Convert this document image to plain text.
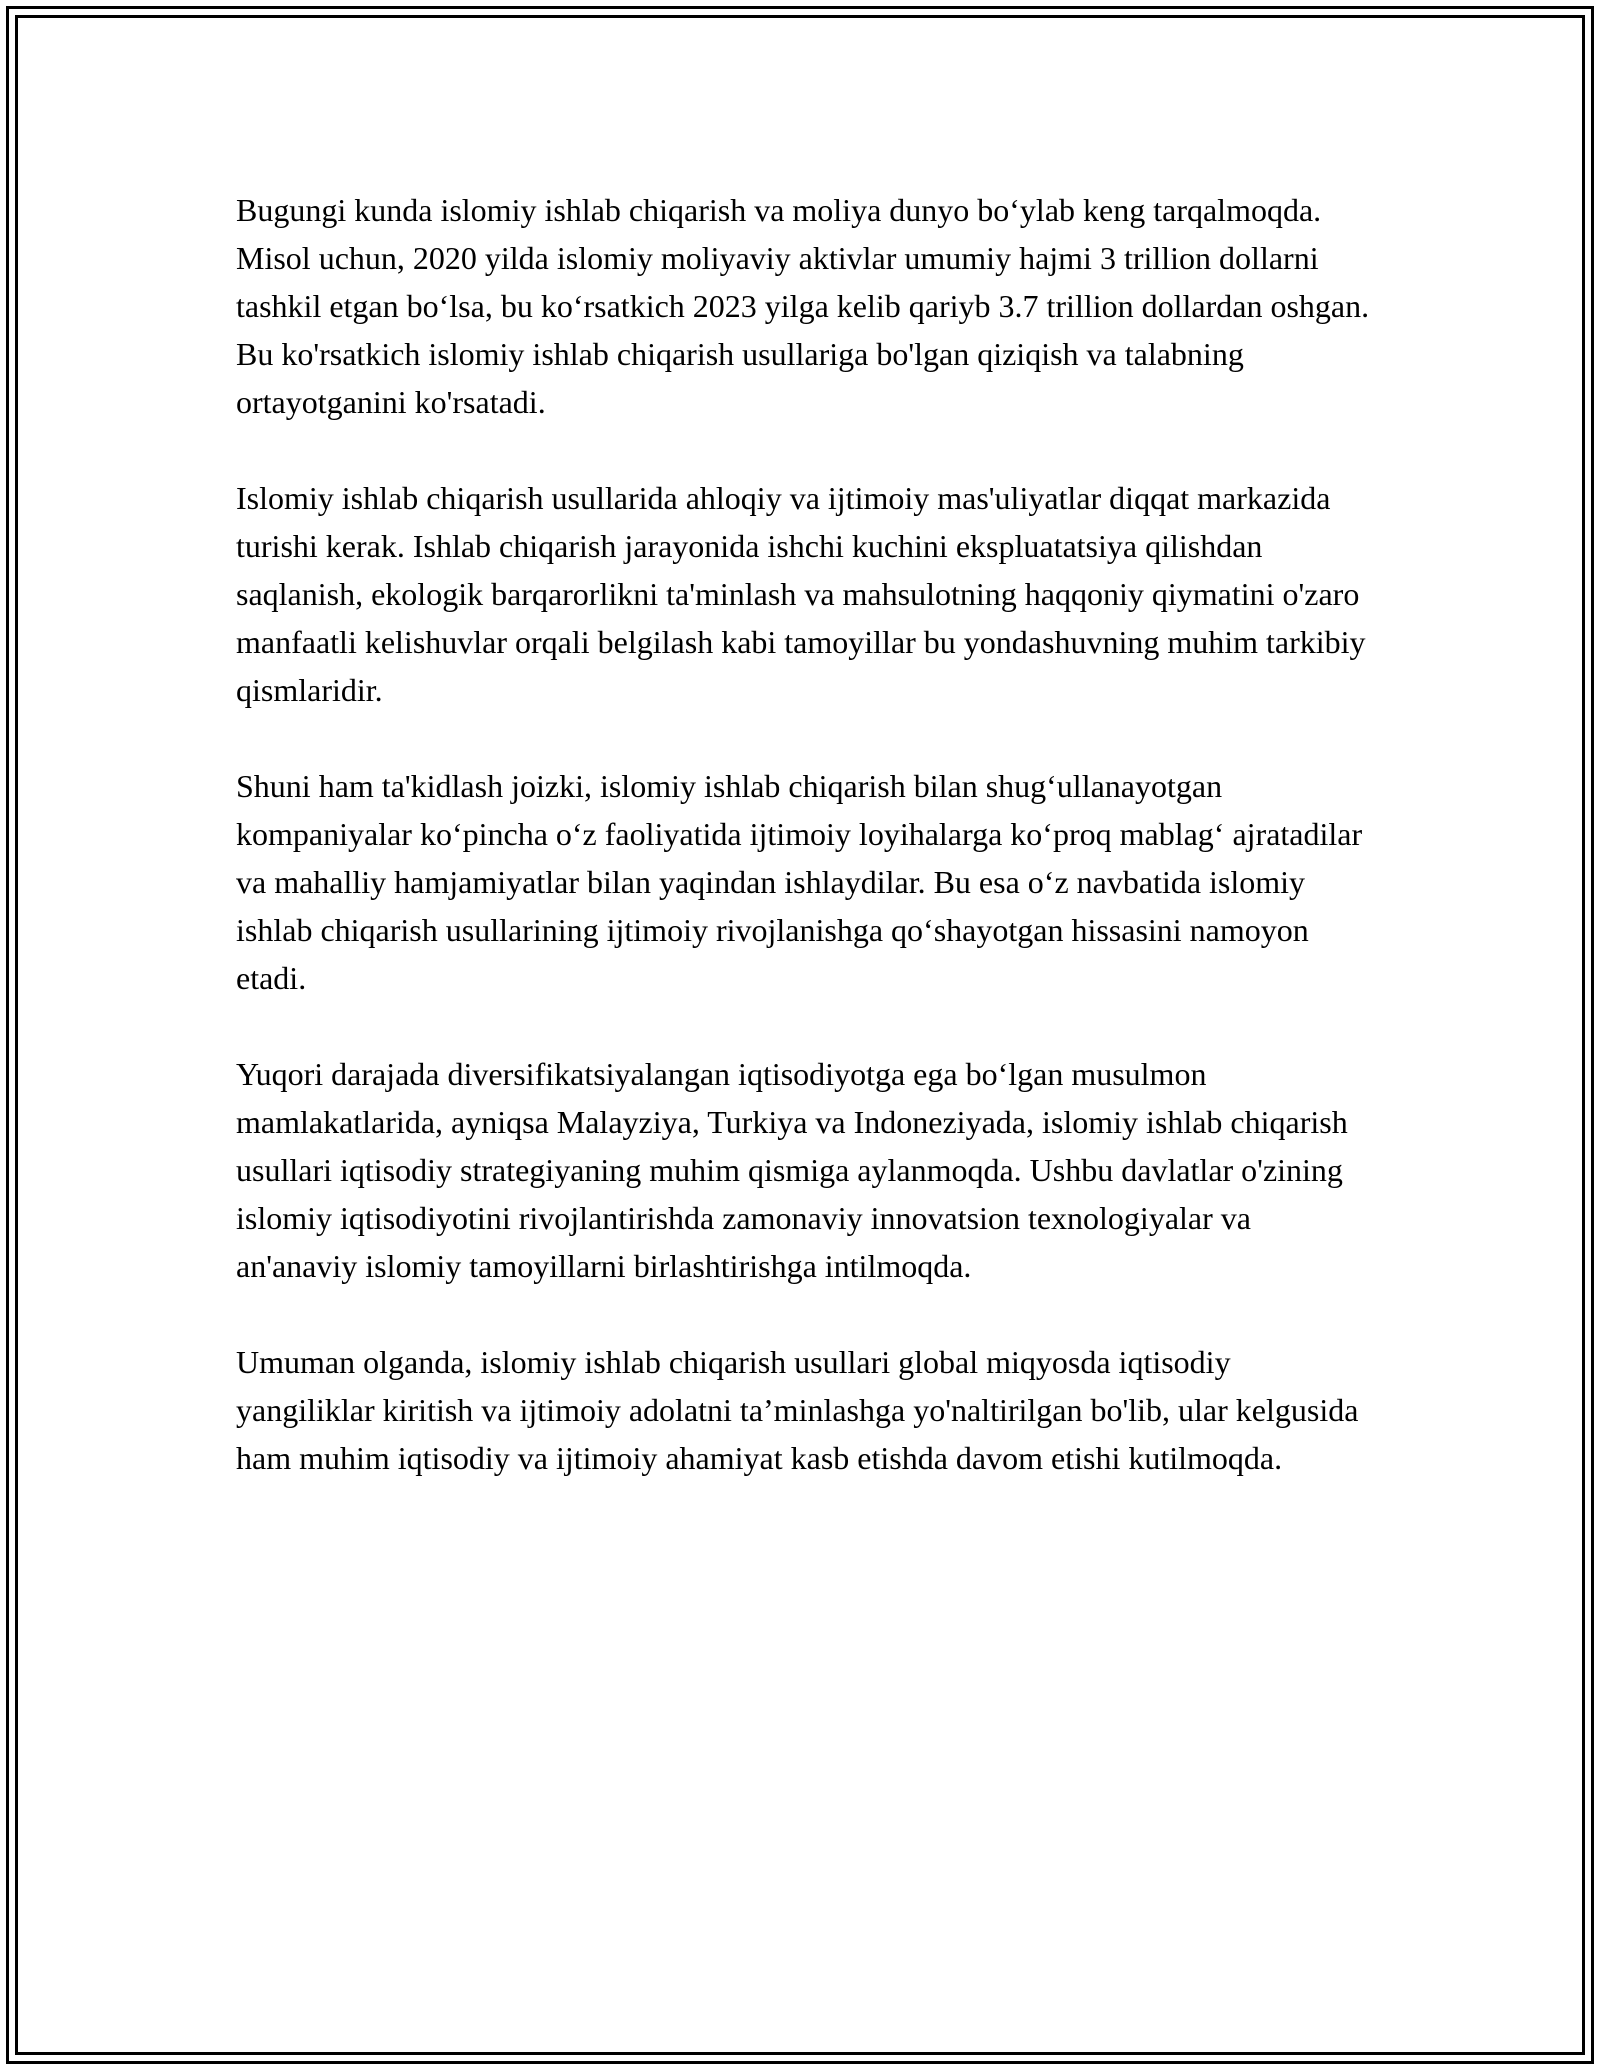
Bugungi kunda islomiy ishlab chiqarish va moliya dunyo bo‘ylab keng tarqalmoqda. Misol uchun, 2020 yilda islomiy moliyaviy aktivlar umumiy hajmi 3 trillion dollarni tashkil etgan bo‘lsa, bu ko‘rsatkich 2023 yilga kelib qariyb 3.7 trillion dollardan oshgan. Bu ko'rsatkich islomiy ishlab chiqarish usullariga bo'lgan qiziqish va talabning ortayotganini ko'rsatadi.

Islomiy ishlab chiqarish usullarida ahloqiy va ijtimoiy mas'uliyatlar diqqat markazida turishi kerak. Ishlab chiqarish jarayonida ishchi kuchini ekspluatatsiya qilishdan saqlanish, ekologik barqarorlikni ta'minlash va mahsulotning haqqoniy qiymatini o'zaro manfaatli kelishuvlar orqali belgilash kabi tamoyillar bu yondashuvning muhim tarkibiy qismlaridir.

Shuni ham ta'kidlash joizki, islomiy ishlab chiqarish bilan shug‘ullanayotgan kompaniyalar ko‘pincha o‘z faoliyatida ijtimoiy loyihalarga ko‘proq mablag‘ ajratadilar va mahalliy hamjamiyatlar bilan yaqindan ishlaydilar. Bu esa o‘z navbatida islomiy ishlab chiqarish usullarining ijtimoiy rivojlanishga qo‘shayotgan hissasini namoyon etadi.

Yuqori darajada diversifikatsiyalangan iqtisodiyotga ega bo‘lgan musulmon mamlakatlarida, ayniqsa Malayziya, Turkiya va Indoneziyada, islomiy ishlab chiqarish usullari iqtisodiy strategiyaning muhim qismiga aylanmoqda. Ushbu davlatlar o'zining islomiy iqtisodiyotini rivojlantirishda zamonaviy innovatsion texnologiyalar va an'anaviy islomiy tamoyillarni birlashtirishga intilmoqda.

Umuman olganda, islomiy ishlab chiqarish usullari global miqyosda iqtisodiy yangiliklar kiritish va ijtimoiy adolatni ta’minlashga yo'naltirilgan bo'lib, ular kelgusida ham muhim iqtisodiy va ijtimoiy ahamiyat kasb etishda davom etishi kutilmoqda.
